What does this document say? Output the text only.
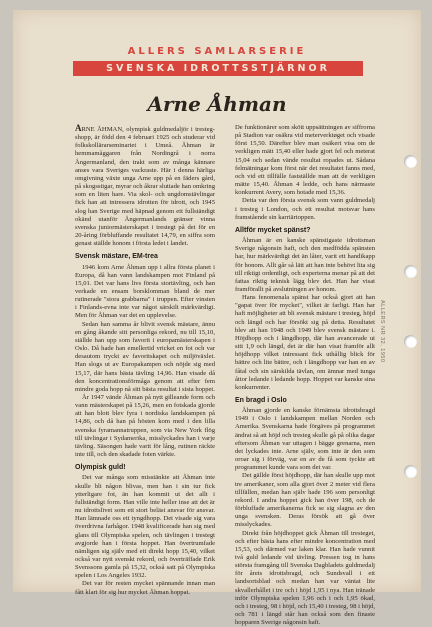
ALLERS SAMLARSERIE
SVENSKA IDROTTSSTJÄRNOR
Arne Åhman

ARNE ÅHMAN, olympisk guldmedaljör i trestegshopp, är född den 4 februari 1925 och studerar vid folkskollärarseminariet i Umeå. Åhman är hemmamåggaren från Nordingrå i norra Ångermanland, den trakt som av många kännare anses vara Sveriges vackraste. Här i denna härliga omgivning växte unga Arne upp på en fäders gård, på skogsstigar, myrar och åkrar sluttade han omkring som en liten hare. Via skol- och ungdomstävlingar fick han att intressera idrotten för idrott, och 1945 slog han Sverige med häpnad genom ett fullständigt okänd utanför Ångermanlands gränser vinna svenska juniormästerskapet i trestegt på det för en 20-åring förbluffande resultatet 14,79, en siffra som genast ställde honom i första ledet i landet.

Svensk mästare, EM-trea

1946 kom Arne Åhman upp i allra första planet i Europa, då han vann landskampen mot Finland på 15,01. Det var hans livs första stortävling, och han verkade en ensam borsklomman bland de mer rutinerade "stora grabbarna" i truppen. Efter vinsten i Finlands-evna inte var något särskilt märkvärdigt. Men för Åhman var det en upplevelse.

Sedan han samma år blivit svensk mästare, ännu en gång åkande sitt personliga rekord, nu till 15,10, ställde han upp som favorit i europamästerskapen i Oslo. Då hade han emellertid vricket en fot och var desautom tryckt av favoritskapet och miljöväxlet. Han slogs ut av Europakampen och nöjde sig med 15,17, där hans bästa tävling 14,96. Han visade då den koncentrationsförmåga genom att efter fem mindre goda hopp nå sitt bästa resultat i sista hoppet.

År 1947 vände Åhman på nytt gilleande form och vann mästerskapet på 15,26, men en fotskada gjorde att han blott blev fyra i nordiska landskampen på 14,86, och då han på hösten kom med i den lilla svenska fyramannatruppen, som via New York flög till tävlingar i Sydamerika, misslyckades han i varje tävling. Säsongen hade varit för lång, rutinen räckte inte till, och den skadade foten värkte.

Olympisk guld!

Det var många som misstänkte att Åhman inte skulle bli någon blivas, men han i sin tur fick ytterligare fot, än han kommit ut det allt i fullständigt form. Han ville inte heller inse att det är nu idrottslivet som ett stort beläst ansvar för ansvar. Han lämnade oss ett tyngdhopp. Det visade sig vara överdrivna farhågor. 1948 kvalificerade han sig med glans till Olympiska spelen, och tävlingen i trestegt avgjorde han i första hoppet. Han övertrumfade nämligen sig själv med ett direkt hopp 15,40, vilket också var nytt svenskt rekord, och överträffade Erik Svenssons gamla på 15,32, också satt på Olympiska spelen i Los Angeles 1932.

Det var för resten mycket spännande innan man fått klart för sig hur mycket Åhman hoppat.

De funktionärer som skött uppsättningen av siffrorna på Stadion var osäkra vid meterverktøget och visade först 15,50. Därefter blev man osäkert visa om de verkligen mätt 15,40 eller hade gjort fel och meterat 15,04 och sedan vände resultat ropades ut. Sådana felmätningar kom först när det resultatet fanns med, och vid ett tillfälle fastställde man att de verkligen mätte 15,40. Åhman 4 ledde, och hans närmaste konkurrent Avery, som hotade med 15,36.

Detta var den första svensk som vann guldmedalj i tresteg i London, och ett resultat motsvar hans framstående sin karriärtoppen.

Alltför mycket spänst?

Åhman är en kanske spänstigaste idrottsman Sverige någonsin haft, och den medfödda spänsten har, hur märkvärdigt det än låter, varit ett handikapp för honom. Allt går så lätt att han inte behövt lita sig till riktigt ordentligt, och experterna menar på att det fattas riktig teknisk lägg blev det. Han har visat framförallt på avslutningen av honom.

Hans fenomenala spänst har också gjort att han "gapat över för mycket", vilket är farligt. Han har haft möjligheter att bli svensk mästare i tresteg, höjd och längd och har försökt sig på detta. Resultatet blev att han 1948 och 1949 blev svensk mästare i. Höjdhopp och i längdhopp, där han avancerade ut sitt 1,9 och längd, det är där han visat framför allt höjdhopp vilket intressant fick uthållig blick för bättre och lite bättre, och i längdhopp var han en av fåtal och sin särskilda tävlan, om ämnar med tunga åttor ledande i ledande hopp. Hoppet var kanske sina konkurrenter.

En bragd i Oslo

Åhman gjorde en kanske förnämsta idrottsbragd 1949 i Oslo i landskampen mellan Norden och Amerika. Svenskarna hade förgäves på programmet ändrat så att höjd och tresteg skulle gå på olika dagar eftersom Åhman var uttagen i bägge grenarna, men det lyckades inte. Arne själv, som inte är den som oroar sig i förväg, var en av de få som tyckte att programmet kunde vara som det var.

Det gällde först höjdhopp, där han skulle upp mot tre amerikaner, som alla gjort över 2 meter vid flera tillfällen, medan han själv hade 196 som personligt rekord. I andra hoppet gick han över 198, och de förbluffade amerikanerna fick se sig slagna av den unga svensken. Deras försök att gå över misslyckades.

Direkt från höjdhoppet gick Åhman till tresteget, och efter bästa hans efter mindre koncentration med 15,53, och därmed var laken klar. Han hade vunnit två guld ledande vid tävling. Pressen tog in hans största framgång till Svenska Dagbladets guldmedalj för årets idrottsbragd, och Sundsvall i ett landsortsblad och medan han var väntat lite skvallerhållet i tre och i höjd 1,95 i nya. Han tränade inför Olympiska spelen 1,96 och i och 1,95 ökad, och i tresteg, 98 i höjd, och 15,40 i tresteg, 98 i höjd, och 781 i längd står han också som den finaste hopparen Sverige någonsin haft.

ALLERS NR 32, 1950
